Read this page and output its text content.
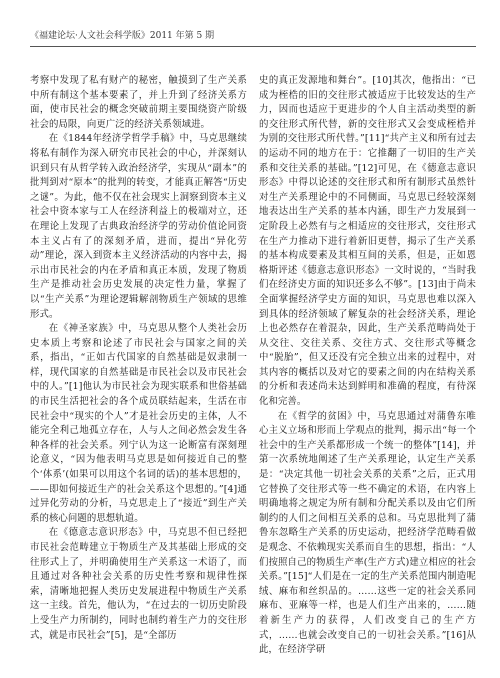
《福建论坛·人文社会科学版》2011 年第 5 期

考察中发现了私有财产的秘密，触摸到了生产关系中所有制这个基本要素了，并上升到了经济关系方面，使市民社会的概念突破前期主要围绕资产阶级社会的局限，向更广泛的经济关系领域进。

在《1844年经济学哲学手稿》中，马克思继续将私有制作为深入研究市民社会的中心，并深刻认识到只有从哲学转入政治经济学，实现从“副本”的批判到对“原本”的批判的转变，才能真正解答“历史之谜”。为此，他不仅在社会现实上洞察到资本主义社会中资本家与工人在经济利益上的极端对立，还在理论上发现了古典政治经济学的劳动价值论同资本主义占有了的深刻矛盾，进而，提出“异化劳动”理论，深入到资本主义经济活动的内容中去，揭示出市民社会的内在矛盾和真正本质，发现了物质生产是推动社会历史发展的决定性力量，掌握了以“生产关系”为理论逻辑解剖物质生产领域的思维形式。

在《神圣家族》中，马克思从整个人类社会历史本质上考察和论述了市民社会与国家之间的关系，指出，“正如古代国家的自然基础是奴隶制一样，现代国家的自然基础是市民社会以及市民社会中的人。”[1]他认为市民社会为现实联系和世俗基础的市民生活把社会的各个成员联结起来，生活在市民社会中“现实的个人”才是社会历史的主体，人不能完全利己地孤立存在，人与人之间必然会发生各种各样的社会关系。列宁认为这一论断富有深刻理论意义，“因为他表明马克思是如何接近自己的整个‘体系’(如果可以用这个名词的话)的基本思想的，——即如何接近生产的社会关系这个思想的。”[4]通过异化劳动的分析，马克思走上了“接近”到生产关系的核心问题的思想轨道。

在《德意志意识形态》中，马克思不但已经把市民社会范畴建立于物质生产及其基础上形成的交往形式上了，并明确使用生产关系这一术语了，而且通过对各种社会关系的历史性考察和规律性探索，清晰地把握人类历史发展进程中物质生产关系这一主线。首先，他认为，“在过去的一切历史阶段上受生产力所制约，同时也制约着生产力的交往形式，就是市民社会”[5]，是“全部历

史的真正发源地和舞台”。[10]其次，他指出：“已成为桎梏的旧的交往形式被适应于比较发达的生产力，因而也适应于更进步的个人自主活动类型的新的交往形式所代替，新的交往形式又会变成桎梏并为别的交往形式所代替。”[11]“共产主义和所有过去的运动不同的地方在于：它推翻了一切旧的生产关系和交往关系的基础。”[12]可见，在《德意志意识形态》中得以论述的交往形式和所有制形式虽然针对生产关系理论中的不同侧面，马克思已经较深刻地表达出生产关系的基本内涵，即生产力发展到一定阶段上必然有与之相适应的交往形式，交往形式在生产力推动下进行着新旧更替，揭示了生产关系的基本构成要素及其相互间的关系，但是，正如恩格斯评述《德意志意识形态》一文时说的，“当时我们在经济史方面的知识还多么不够”。[13]由于尚未全面掌握经济学史方面的知识，马克思也难以深入到具体的经济领域了解复杂的社会经济关系，理论上也必然存在着混杂，因此，生产关系范畴尚处于从交往、交往关系、交往方式、交往形式等概念中“脱胎”，但又还没有完全独立出来的过程中，对其内容的概括以及对它的要素之间的内在结构关系的分析和表述尚未达到鲜明和准确的程度，有待深化和完善。

在《哲学的贫困》中，马克思通过对蒲鲁东唯心主义立场和形而上学观点的批判，揭示出“每一个社会中的生产关系都形成一个统一的整体”[14]，并第一次系统地阐述了生产关系理论，认定生产关系是：“决定其他一切社会关系的关系”之后，正式用它替换了交往形式等一些不确定的术语，在内容上明确地将之规定为所有制和分配关系以及由它们所制约的人们之间相互关系的总和。马克思批判了蒲鲁东忽略生产关系的历史运动，把经济学范畴看做是观念、不依赖现实关系而自生的思想，指出：“人们按照自己的物质生产率(生产方式)建立相应的社会关系。”[15]“人们是在一定的生产关系范围内制造呢绒、麻布和丝织品的。……这些一定的社会关系同麻布、亚麻等一样，也是人们生产出来的，……随着新生产力的获得，人们改变自己的生产方式，……也就会改变自己的一切社会关系。”[16]从此，在经济学研
